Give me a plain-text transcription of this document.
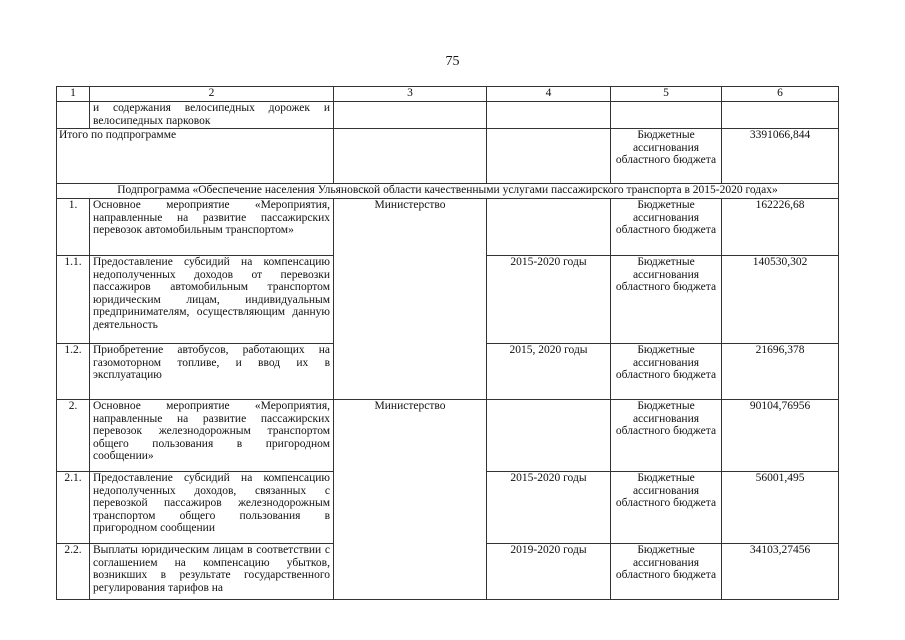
75
1	2	3	4	5	6
	и содержания велосипедных дорожек и велосипедных парковок				
Итого по подпрограмме				Бюджетные ассигнования областного бюджета	3391066,844
Подпрограмма «Обеспечение населения Ульяновской области качественными услугами пассажирского транспорта в 2015-2020 годах»					
1.	Основное мероприятие «Мероприятия, направленные на развитие пассажирских перевозок автомобильным транспортом»	Министерство		Бюджетные ассигнования областного бюджета	162226,68
1.1.	Предоставление субсидий на компенсацию недополученных доходов от перевозки пассажиров автомобильным транспортом юридическим лицам, индивидуальным предпринимателям, осуществляющим данную деятельность		2015-2020 годы	Бюджетные ассигнования областного бюджета	140530,302
1.2.	Приобретение автобусов, работающих на газомоторном топливе, и ввод их в эксплуатацию		2015, 2020 годы	Бюджетные ассигнования областного бюджета	21696,378
2.	Основное мероприятие «Мероприятия, направленные на развитие пассажирских перевозок железнодорожным транспортом общего пользования в пригородном сообщении»	Министерство		Бюджетные ассигнования областного бюджета	90104,76956
2.1.	Предоставление субсидий на компенсацию недополученных доходов, связанных с перевозкой пассажиров железнодорожным транспортом общего пользования в пригородном сообщении		2015-2020 годы	Бюджетные ассигнования областного бюджета	56001,495
2.2.	Выплаты юридическим лицам в соответствии с соглашением на компенсацию убытков, возникших в результате государственного регулирования тарифов на		2019-2020 годы	Бюджетные ассигнования областного бюджета	34103,27456
